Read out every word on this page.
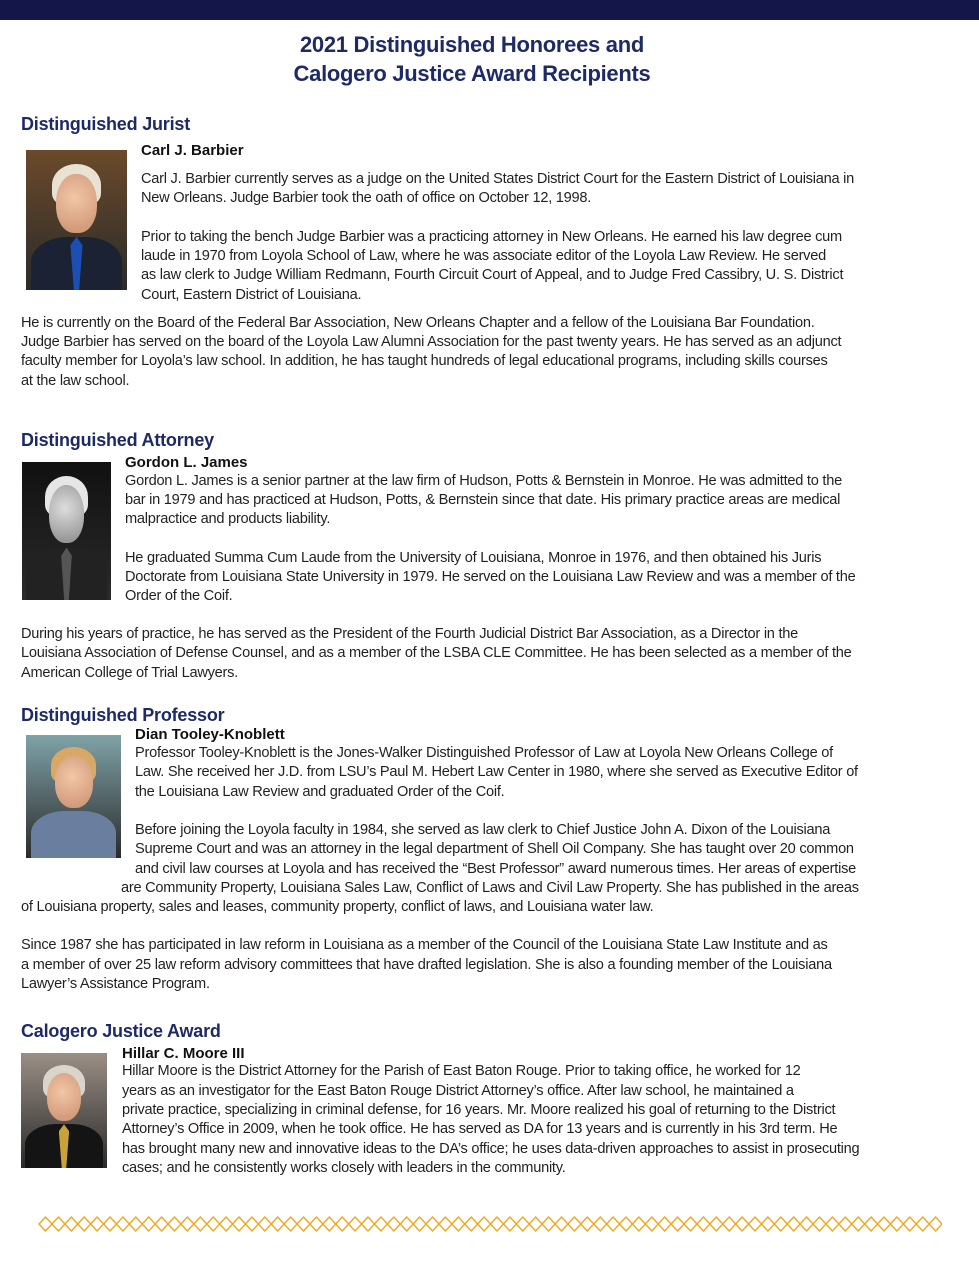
2021 Distinguished Honorees and
Calogero Justice Award Recipients
Distinguished Jurist
Carl J. Barbier
Carl J. Barbier currently serves as a judge on the United States District Court for the Eastern District of Louisiana in
New Orleans. Judge Barbier took the oath of office on October 12, 1998.
Prior to taking the bench Judge Barbier was a practicing attorney in New Orleans. He earned his law degree cum
laude in 1970 from Loyola School of Law, where he was associate editor of the Loyola Law Review. He served
as law clerk to Judge William Redmann, Fourth Circuit Court of Appeal, and to Judge Fred Cassibry, U. S. District
Court, Eastern District of Louisiana.
He is currently on the Board of the Federal Bar Association, New Orleans Chapter and a fellow of the Louisiana Bar Foundation.
Judge Barbier has served on the board of the Loyola Law Alumni Association for the past twenty years. He has served as an adjunct
faculty member for Loyola’s law school. In addition, he has taught hundreds of legal educational programs, including skills courses
at the law school.
Distinguished Attorney
Gordon L. James
Gordon L. James is a senior partner at the law firm of Hudson, Potts & Bernstein in Monroe. He was admitted to the
bar in 1979 and has practiced at Hudson, Potts, & Bernstein since that date. His primary practice areas are medical
malpractice and products liability.
He graduated Summa Cum Laude from the University of Louisiana, Monroe in 1976, and then obtained his Juris
Doctorate from Louisiana State University in 1979. He served on the Louisiana Law Review and was a member of the
Order of the Coif.
During his years of practice, he has served as the President of the Fourth Judicial District Bar Association, as a Director in the
Louisiana Association of Defense Counsel, and as a member of the LSBA CLE Committee. He has been selected as a member of the
American College of Trial Lawyers.
Distinguished Professor
Dian Tooley-Knoblett
Professor Tooley-Knoblett is the Jones-Walker Distinguished Professor of Law at Loyola New Orleans College of
Law. She received her J.D. from LSU’s Paul M. Hebert Law Center in 1980, where she served as Executive Editor of
the Louisiana Law Review and graduated Order of the Coif.
Before joining the Loyola faculty in 1984, she served as law clerk to Chief Justice John A. Dixon of the Louisiana
Supreme Court and was an attorney in the legal department of Shell Oil Company. She has taught over 20 common
and civil law courses at Loyola and has received the “Best Professor” award numerous times. Her areas of expertise
are Community Property, Louisiana Sales Law, Conflict of Laws and Civil Law Property. She has published in the areas
of Louisiana property, sales and leases, community property, conflict of laws, and Louisiana water law.
Since 1987 she has participated in law reform in Louisiana as a member of the Council of the Louisiana State Law Institute and as
a member of over 25 law reform advisory committees that have drafted legislation. She is also a founding member of the Louisiana
Lawyer’s Assistance Program.
Calogero Justice Award
Hillar C. Moore III
Hillar Moore is the District Attorney for the Parish of East Baton Rouge. Prior to taking office, he worked for 12
years as an investigator for the East Baton Rouge District Attorney’s office. After law school, he maintained a
private practice, specializing in criminal defense, for 16 years. Mr. Moore realized his goal of returning to the District
Attorney’s Office in 2009, when he took office. He has served as DA for 13 years and is currently in his 3rd term. He
has brought many new and innovative ideas to the DA’s office; he uses data-driven approaches to assist in prosecuting
cases; and he consistently works closely with leaders in the community.
